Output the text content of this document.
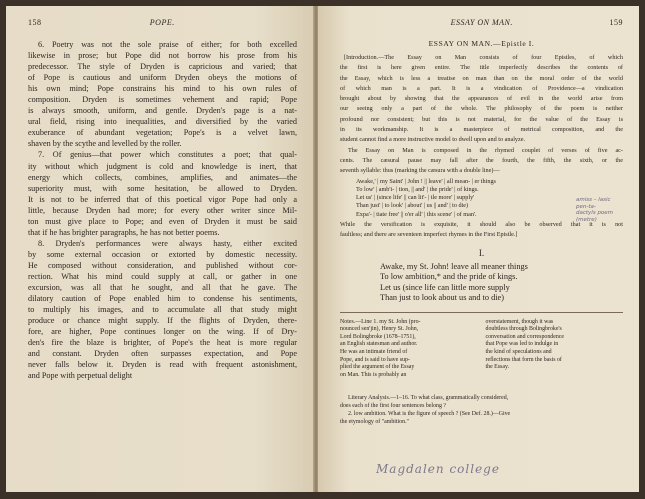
158	POPE.

6. Poetry was not the sole praise of either; for both excelled

likewise in prose; but Pope did not borrow his prose from his

predecessor. The style of Dryden is capricious and varied; that

of Pope is cautious and uniform Dryden obeys the motions of

his own mind; Pope constrains his mind to his own rules of

composition. Dryden is sometimes vehement and rapid; Pope

is always smooth, uniform, and gentle. Dryden's page is a nat-

ural field, rising into inequalities, and diversified by the varied

exuberance of abundant vegetation; Pope's is a velvet lawn,

shaven by the scythe and levelled by the roller.

7. Of genius—that power which constitutes a poet; that qual-

ity without which judgment is cold and knowledge is inert, that

energy which collects, combines, amplifies, and animates—the

superiority must, with some hesitation, be allowed to Dryden.

It is not to be inferred that of this poetical vigor Pope had only a

little, because Dryden had more; for every other writer since Mil-

ton must give place to Pope; and even of Dryden it must be said

that if he has brighter paragraphs, he has not better poems.

8. Dryden's performances were always hasty, either excited

by some external occasion or extorted by domestic necessity.

He composed without consideration, and published without cor-

rection. What his mind could supply at call, or gather in one

excursion, was all that he sought, and all that he gave. The

dilatory caution of Pope enabled him to condense his sentiments,

to multiply his images, and to accumulate all that study might

produce or chance might supply. If the flights of Dryden, there-

fore, are higher, Pope continues longer on the wing. If of Dry-

den's fire the blaze is brighter, of Pope's the heat is more regular

and constant. Dryden often surpasses expectation, and Pope

never falls below it. Dryden is read with frequent astonishment,

and Pope with perpetual delight

ESSAY ON MAN.	159
ESSAY ON MAN.—Epistle I.
[Introduction.—The Essay on Man consists of four Epistles, of which
the first is here given entire. The title imperfectly describes the contents of
the Essay, which is less a treatise on man than on the moral order of the world
of which man is a part. It is a vindication of Providence—a vindication
brought about by showing that the appearances of evil in the world arise from
our seeing only a part of the whole. The philosophy of the poem is neither
profound nor consistent; but this is not material, for the value of the Essay is
in its workmanship. It is a masterpiece of metrical composition, and the
student cannot find a more instructive model to dwell upon and to analyze.
The Essay on Man is composed in the rhymed couplet of verses of five ac-
cents. The cæsural pause may fall after the fourth, the fifth, the sixth, or the
seventh syllable: thus (marking the cæsura with a double line)—
Awake,' | my Saint' | John ! || leave' | all mean- | er things
To low' | amb'i- | tion, || and' | the pride' | of kings.
Let us' | (since life' || can lit'- | tle more' | supply'
Than just' | to look' | about' | us || and' | to die)
Expa'- | tiate free' || o'er all' | this scene' | of man'.
While the versification is exquisite, it should also be observed that it is not
faultless; and there are seventeen imperfect rhymes in the First Epistle.]
I.
Awake, my St. John! leave all meaner things
To low ambition,* and the pride of kings.
Let us (since life can little more supply
Than just to look about us and to die)
Notes.—Line 1. my St. John (pro-
nounced sen'jin), Henry St. John,
Lord Bolingbroke (1678–1751),
an English statesman and author.
He was an intimate friend of
Pope, and is said to have sup-
plied the argument of the Essay
on Man. This is probably an
overstatement, though it was
doubtless through Bolingbroke's
conversation and correspondence
that Pope was led to indulge in
the kind of speculations and
reflections that form the basis of
the Essay.
Literary Analysis.—1–16. To what class, grammatically considered,
does each of the first four sentences belong ?
2. low ambition. What is the figure of speech ? (See Def. 28.)—Give
the etymology of "ambition."
amiss – lasic
pen-ta-
dactyls poem
(metre)
Magdalen college
